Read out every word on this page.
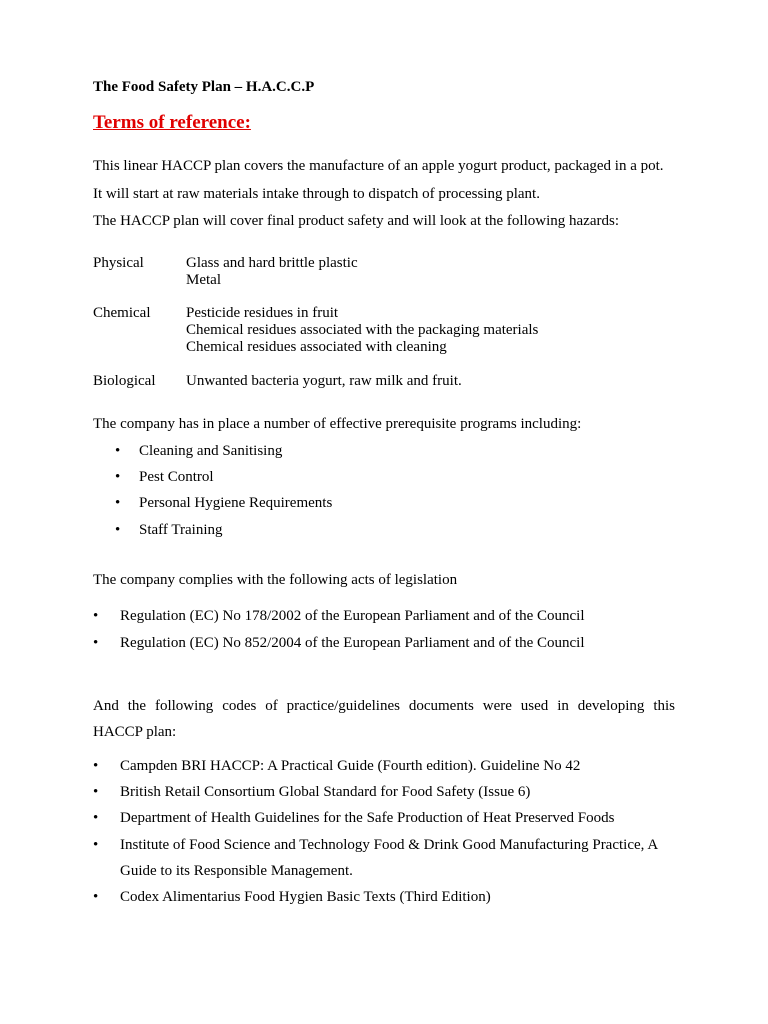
The Food Safety Plan – H.A.C.C.P
Terms of reference:
This linear HACCP plan covers the manufacture of an apple yogurt product, packaged in a pot.
It will start at raw materials intake through to dispatch of processing plant.
The HACCP plan will cover final product safety and will look at the following hazards:
Physical	Glass and hard brittle plastic
Metal
Chemical Pesticide residues in fruit
Chemical residues associated with the packaging materials
Chemical residues associated with cleaning
Biological Unwanted bacteria yogurt, raw milk and fruit.
The company has in place a number of effective prerequisite programs including:
• Cleaning and Sanitising
• Pest Control
• Personal Hygiene Requirements
• Staff Training
The company complies with the following acts of legislation
• Regulation (EC) No 178/2002 of the European Parliament and of the Council
• Regulation (EC) No 852/2004 of the European Parliament and of the Council
And the following codes of practice/guidelines documents were used in developing this
HACCP plan:
• Campden BRI HACCP: A Practical Guide (Fourth edition). Guideline No 42
• British Retail Consortium Global Standard for Food Safety (Issue 6)
• Department of Health Guidelines for the Safe Production of Heat Preserved Foods
• Institute of Food Science and Technology Food & Drink Good Manufacturing Practice, A
Guide to its Responsible Management.
• Codex Alimentarius Food Hygien Basic Texts (Third Edition)
